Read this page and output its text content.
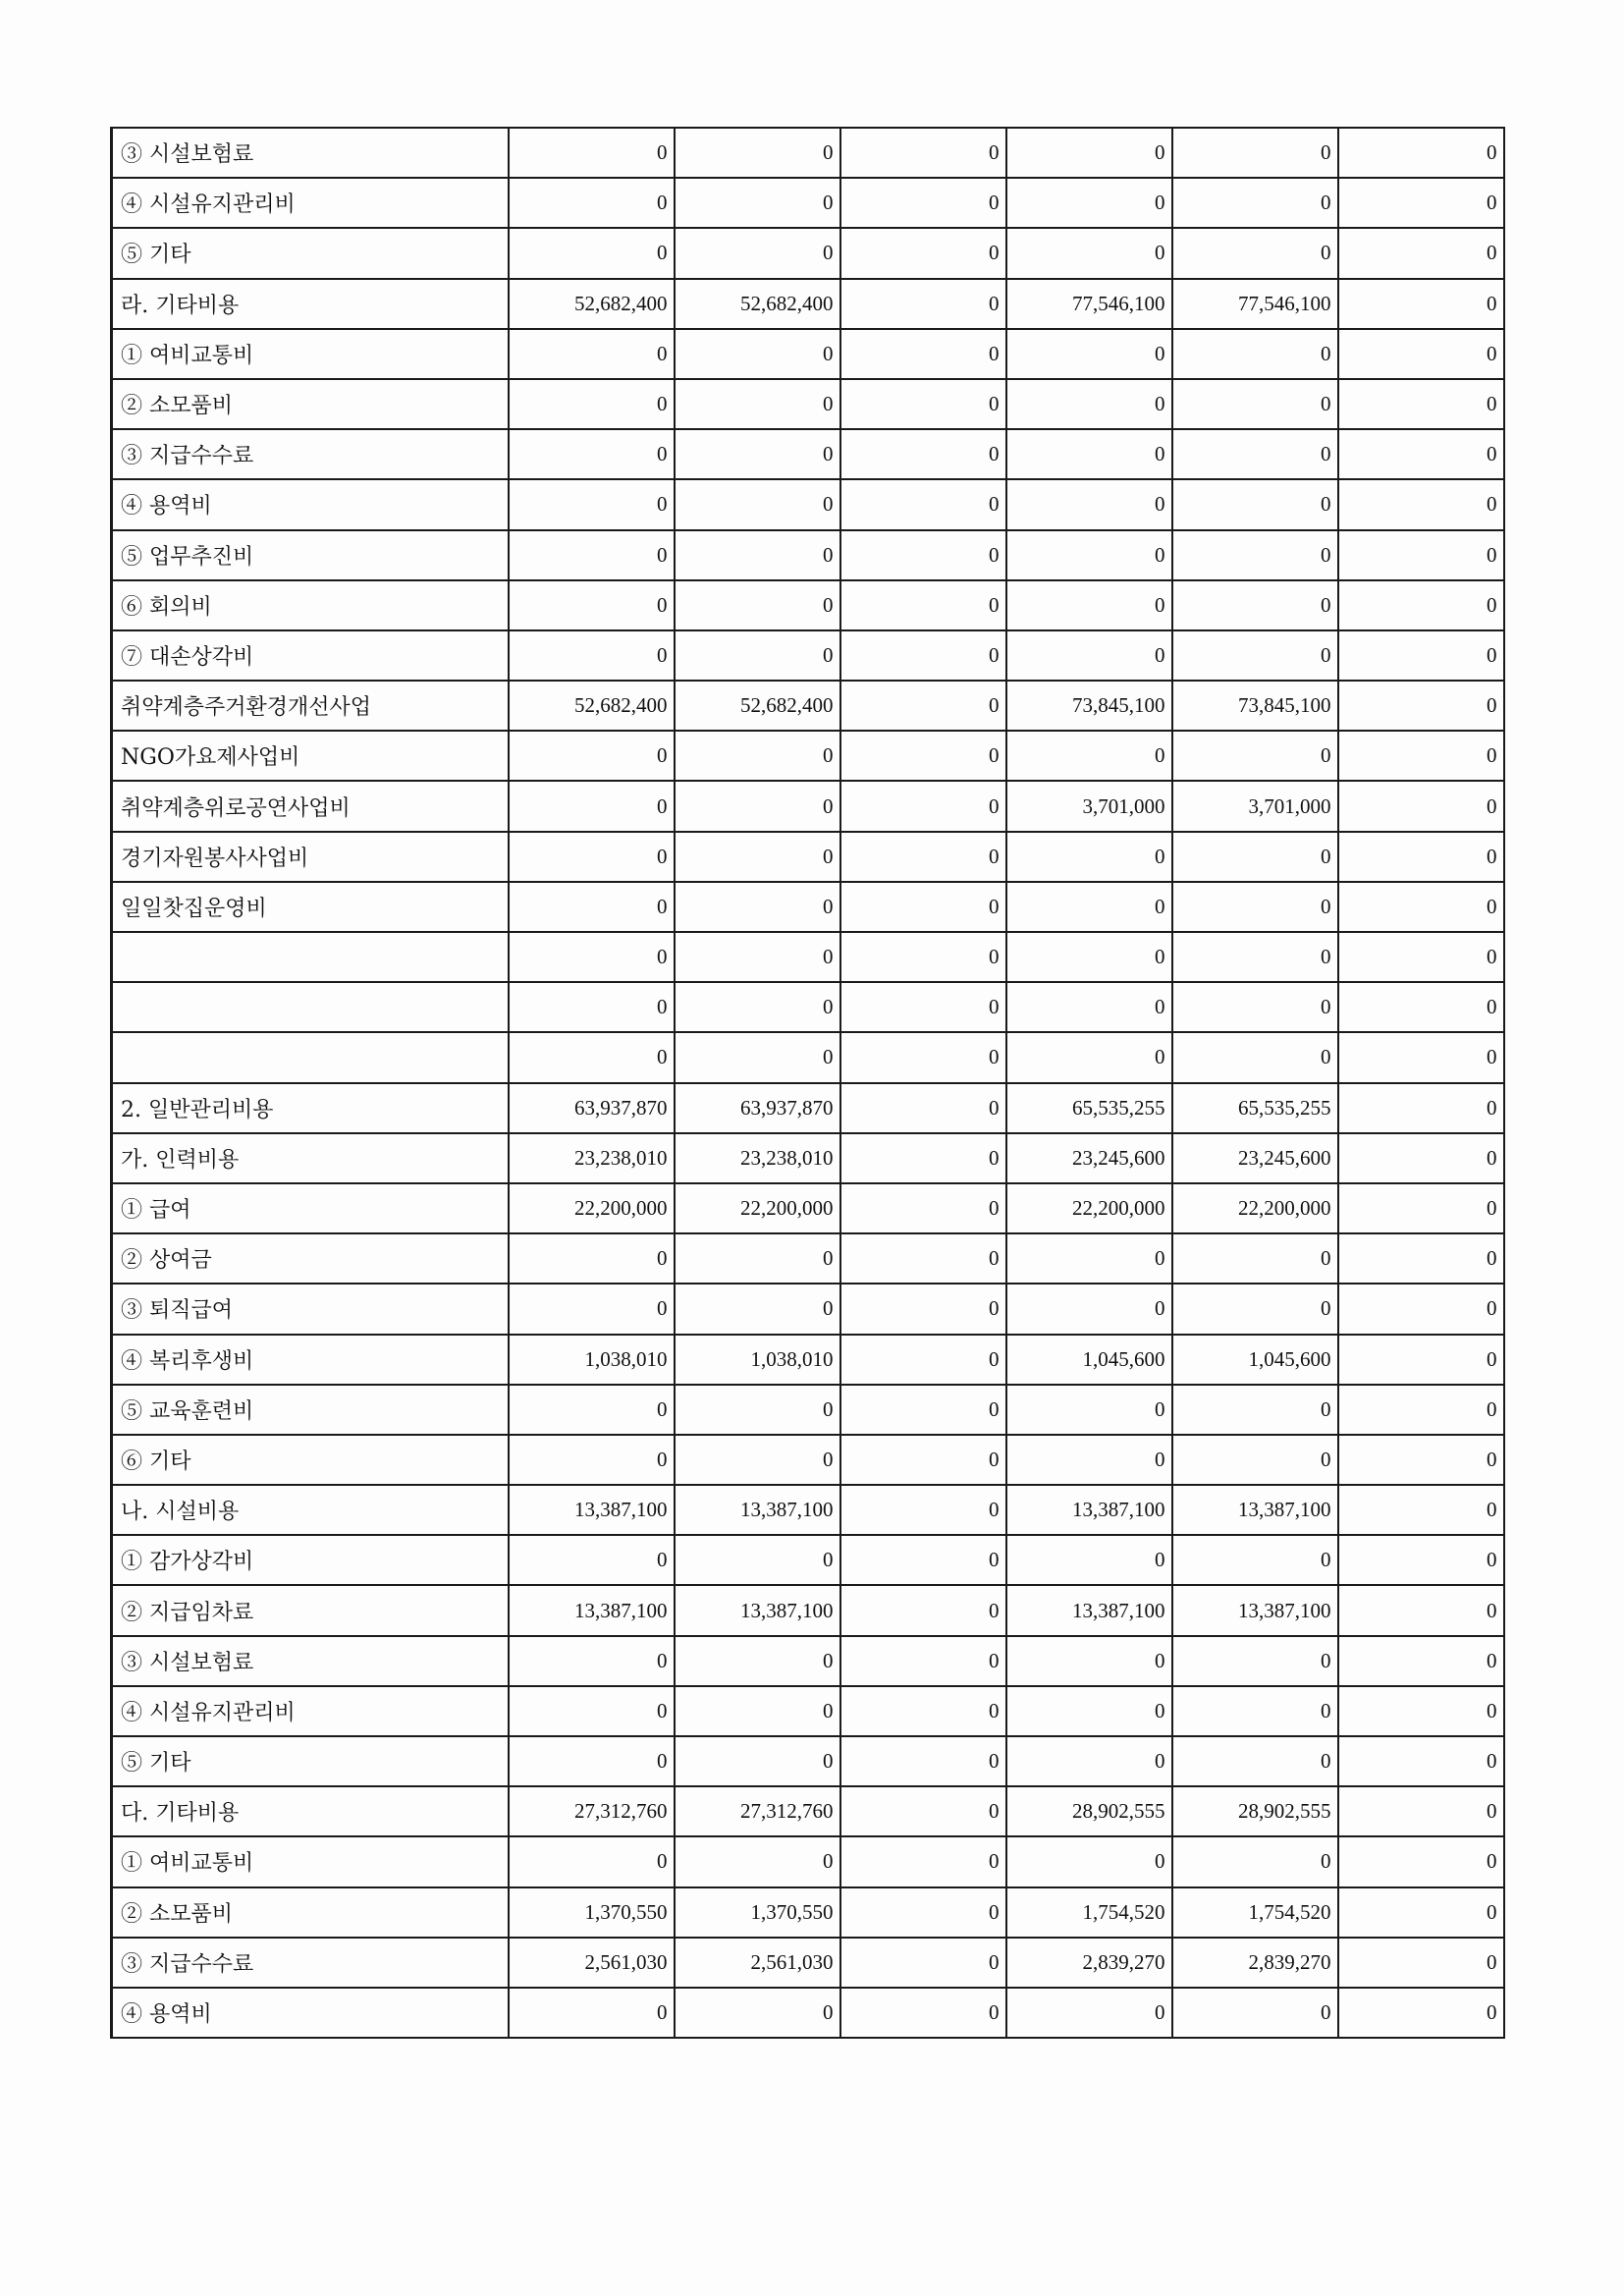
③ 시설보험료	0	0	0	0	0	0
④ 시설유지관리비	0	0	0	0	0	0
⑤ 기타	0	0	0	0	0	0
라. 기타비용	52,682,400	52,682,400	0	77,546,100	77,546,100	0
① 여비교통비	0	0	0	0	0	0
② 소모품비	0	0	0	0	0	0
③ 지급수수료	0	0	0	0	0	0
④ 용역비	0	0	0	0	0	0
⑤ 업무추진비	0	0	0	0	0	0
⑥ 회의비	0	0	0	0	0	0
⑦ 대손상각비	0	0	0	0	0	0
취약계층주거환경개선사업	52,682,400	52,682,400	0	73,845,100	73,845,100	0
NGO가요제사업비	0	0	0	0	0	0
취약계층위로공연사업비	0	0	0	3,701,000	3,701,000	0
경기자원봉사사업비	0	0	0	0	0	0
일일찻집운영비	0	0	0	0	0	0
	0	0	0	0	0	0
	0	0	0	0	0	0
	0	0	0	0	0	0
2. 일반관리비용	63,937,870	63,937,870	0	65,535,255	65,535,255	0
가. 인력비용	23,238,010	23,238,010	0	23,245,600	23,245,600	0
① 급여	22,200,000	22,200,000	0	22,200,000	22,200,000	0
② 상여금	0	0	0	0	0	0
③ 퇴직급여	0	0	0	0	0	0
④ 복리후생비	1,038,010	1,038,010	0	1,045,600	1,045,600	0
⑤ 교육훈련비	0	0	0	0	0	0
⑥ 기타	0	0	0	0	0	0
나. 시설비용	13,387,100	13,387,100	0	13,387,100	13,387,100	0
① 감가상각비	0	0	0	0	0	0
② 지급임차료	13,387,100	13,387,100	0	13,387,100	13,387,100	0
③ 시설보험료	0	0	0	0	0	0
④ 시설유지관리비	0	0	0	0	0	0
⑤ 기타	0	0	0	0	0	0
다. 기타비용	27,312,760	27,312,760	0	28,902,555	28,902,555	0
① 여비교통비	0	0	0	0	0	0
② 소모품비	1,370,550	1,370,550	0	1,754,520	1,754,520	0
③ 지급수수료	2,561,030	2,561,030	0	2,839,270	2,839,270	0
④ 용역비	0	0	0	0	0	0
